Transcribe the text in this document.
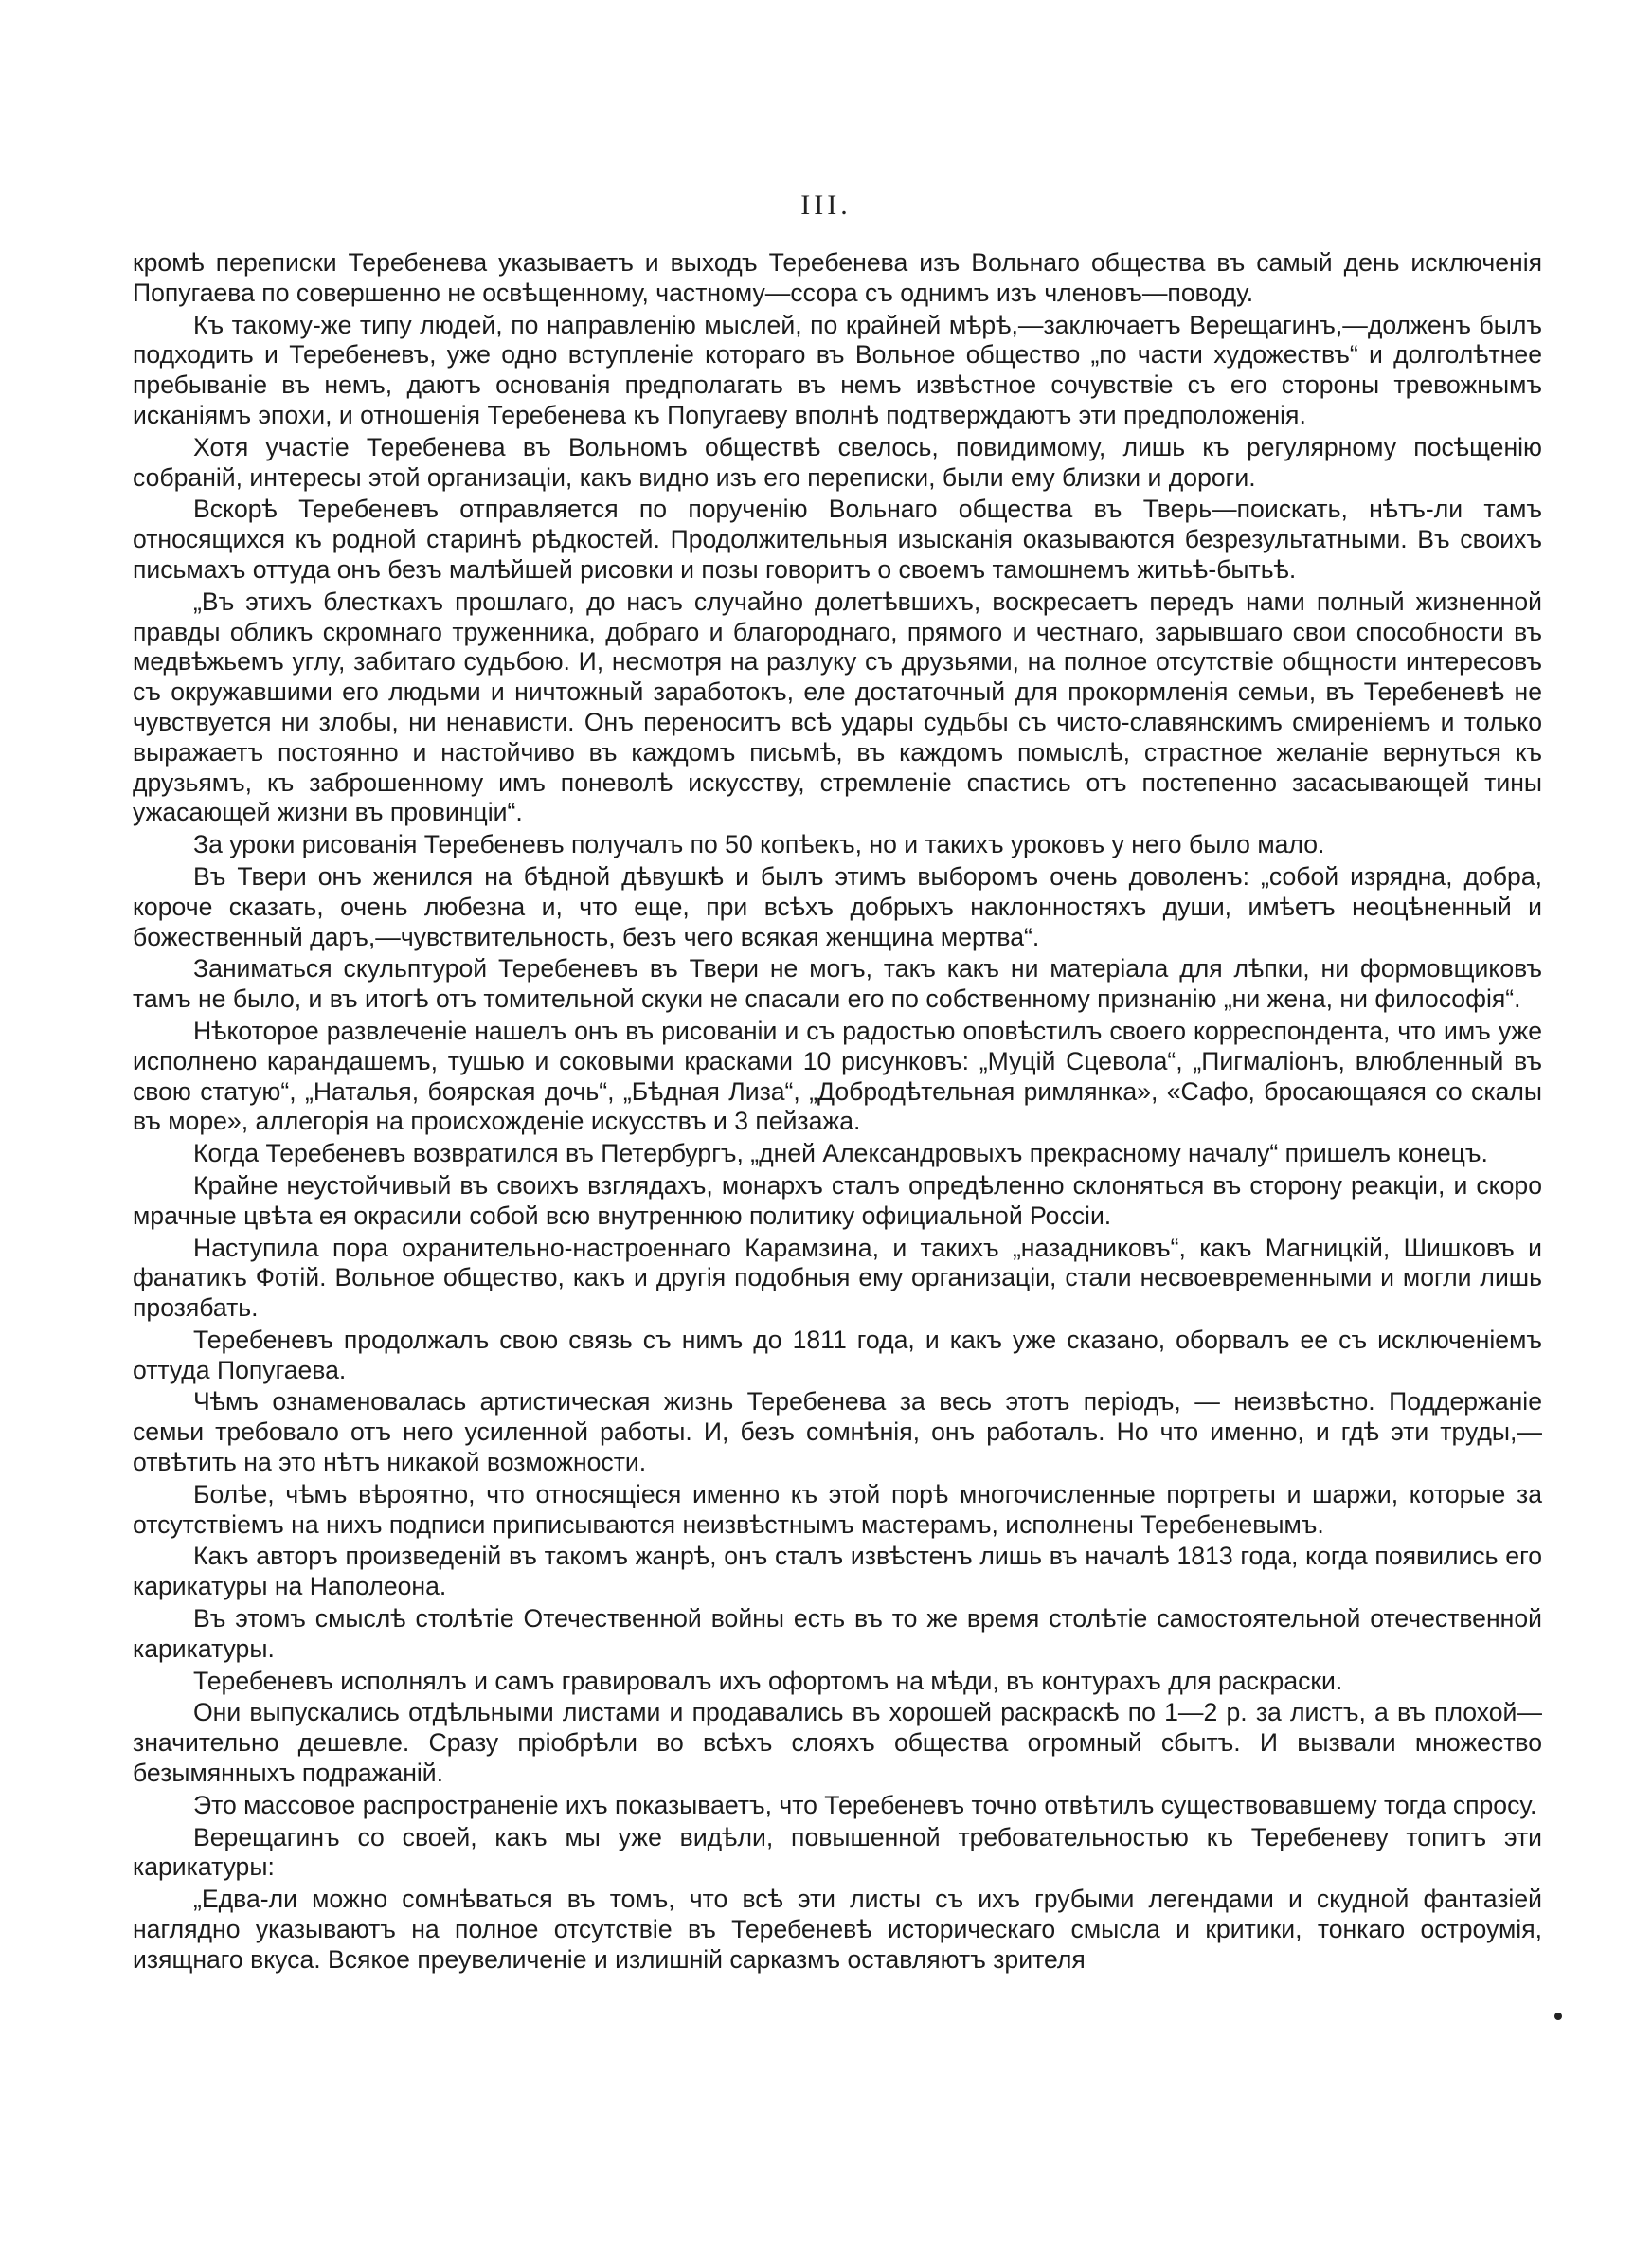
III.

кромѣ переписки Теребенева указываетъ и выходъ Теребенева изъ Вольнаго общества въ самый день исключенія Попугаева по совершенно не освѣщенному, частному—ссора съ однимъ изъ членовъ—поводу.

Къ такому-же типу людей, по направленію мыслей, по крайней мѣрѣ,—заключаетъ Верещагинъ,—долженъ былъ подходить и Теребеневъ, уже одно вступленіе котораго въ Вольное общество „по части художествъ“ и долголѣтнее пребываніе въ немъ, даютъ основанія предполагать въ немъ извѣстное сочувствіе съ его стороны тревожнымъ исканіямъ эпохи, и отношенія Теребенева къ Попугаеву вполнѣ подтверждаютъ эти предположенія.

Хотя участіе Теребенева въ Вольномъ обществѣ свелось, повидимому, лишь къ регулярному посѣщенію собраній, интересы этой организаціи, какъ видно изъ его переписки, были ему близки и дороги.

Вскорѣ Теребеневъ отправляется по порученію Вольнаго общества въ Тверь—поискать, нѣтъ-ли тамъ относящихся къ родной старинѣ рѣдкостей. Продолжительныя изысканія оказываются безрезультатными. Въ своихъ письмахъ оттуда онъ безъ малѣйшей рисовки и позы говоритъ о своемъ тамошнемъ житьѣ-бытьѣ.

„Въ этихъ блесткахъ прошлаго, до насъ случайно долетѣвшихъ, воскресаетъ передъ нами полный жизненной правды обликъ скромнаго труженника, добраго и благороднаго, прямого и честнаго, зарывшаго свои способности въ медвѣжьемъ углу, забитаго судьбою. И, несмотря на разлуку съ друзьями, на полное отсутствіе общности интересовъ съ окружавшими его людьми и ничтожный заработокъ, еле достаточный для прокормленія семьи, въ Теребеневѣ не чувствуется ни злобы, ни ненависти. Онъ переноситъ всѣ удары судьбы съ чисто-славянскимъ смиреніемъ и только выражаетъ постоянно и настойчиво въ каждомъ письмѣ, въ каждомъ помыслѣ, страстное желаніе вернуться къ друзьямъ, къ заброшенному имъ поневолѣ искусству, стремленіе спастись отъ постепенно засасывающей тины ужасающей жизни въ провинціи“.

За уроки рисованія Теребеневъ получалъ по 50 копѣекъ, но и такихъ уроковъ у него было мало.

Въ Твери онъ женился на бѣдной дѣвушкѣ и былъ этимъ выборомъ очень доволенъ: „собой изрядна, добра, короче сказать, очень любезна и, что еще, при всѣхъ добрыхъ наклонностяхъ души, имѣетъ неоцѣненный и божественный даръ,—чувствительность, безъ чего всякая женщина мертва“.

Заниматься скульптурой Теребеневъ въ Твери не могъ, такъ какъ ни матеріала для лѣпки, ни формовщиковъ тамъ не было, и въ итогѣ отъ томительной скуки не спасали его по собственному признанію „ни жена, ни философія“.

Нѣкоторое развлеченіе нашелъ онъ въ рисованіи и съ радостью оповѣстилъ своего корреспондента, что имъ уже исполнено карандашемъ, тушью и соковыми красками 10 рисунковъ: „Муцій Сцевола“, „Пигмаліонъ, влюбленный въ свою статую“, „Наталья, боярская дочь“, „Бѣдная Лиза“, „Добродѣтельная римлянка», «Сафо, бросающаяся со скалы въ море», аллегорія на происхожденіе искусствъ и 3 пейзажа.

Когда Теребеневъ возвратился въ Петербургъ, „дней Александровыхъ прекрасному началу“ пришелъ конецъ.

Крайне неустойчивый въ своихъ взглядахъ, монархъ сталъ опредѣленно склоняться въ сторону реакціи, и скоро мрачные цвѣта ея окрасили собой всю внутреннюю политику официальной Россіи.

Наступила пора охранительно-настроеннаго Карамзина, и такихъ „назадниковъ“, какъ Магницкій, Шишковъ и фанатикъ Фотій. Вольное общество, какъ и другія подобныя ему организаціи, стали несвоевременными и могли лишь прозябать.

Теребеневъ продолжалъ свою связь съ нимъ до 1811 года, и какъ уже сказано, оборвалъ ее съ исключеніемъ оттуда Попугаева.

Чѣмъ ознаменовалась артистическая жизнь Теребенева за весь этотъ періодъ, — неизвѣстно. Поддержаніе семьи требовало отъ него усиленной работы. И, безъ сомнѣнія, онъ работалъ. Но что именно, и гдѣ эти труды,—отвѣтить на это нѣтъ никакой возможности.

Болѣе, чѣмъ вѣроятно, что относящіеся именно къ этой порѣ многочисленные портреты и шаржи, которые за отсутствіемъ на нихъ подписи приписываются неизвѣстнымъ мастерамъ, исполнены Теребеневымъ.

Какъ авторъ произведеній въ такомъ жанрѣ, онъ сталъ извѣстенъ лишь въ началѣ 1813 года, когда появились его карикатуры на Наполеона.

Въ этомъ смыслѣ столѣтіе Отечественной войны есть въ то же время столѣтіе самостоятельной отечественной карикатуры.

Теребеневъ исполнялъ и самъ гравировалъ ихъ офортомъ на мѣди, въ контурахъ для раскраски.

Они выпускались отдѣльными листами и продавались въ хорошей раскраскѣ по 1—2 р. за листъ, а въ плохой—значительно дешевле. Сразу пріобрѣли во всѣхъ слояхъ общества огромный сбытъ. И вызвали множество безымянныхъ подражаній.

Это массовое распространеніе ихъ показываетъ, что Теребеневъ точно отвѣтилъ существовавшему тогда спросу.

Верещагинъ со своей, какъ мы уже видѣли, повышенной требовательностью къ Теребеневу топитъ эти карикатуры:

„Едва-ли можно сомнѣваться въ томъ, что всѣ эти листы съ ихъ грубыми легендами и скудной фантазіей наглядно указываютъ на полное отсутствіе въ Теребеневѣ историческаго смысла и критики, тонкаго остроумія, изящнаго вкуса. Всякое преувеличеніе и излишній сарказмъ оставляютъ зрителя
